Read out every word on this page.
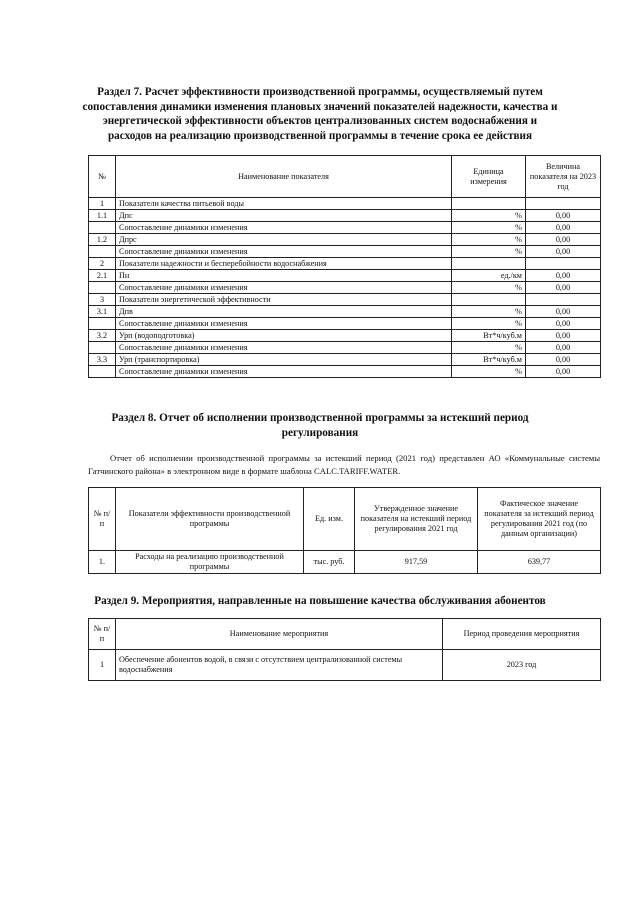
Раздел 7. Расчет эффективности производственной программы, осуществляемый путем сопоставления динамики изменения плановых значений показателей надежности, качества и энергетической эффективности объектов централизованных систем водоснабжения и расходов на реализацию производственной программы в течение срока ее действия
№	Наименование показателя	Единица измерения	Величина показателя на 2023 год
1	Показатели качества питьевой воды		
1.1	Дпс	%	0,00
	Сопоставление динамики изменения	%	0,00
1.2	Дпрс	%	0,00
	Сопоставление динамики изменения	%	0,00
2	Показатели надежности и бесперебойности водоснабжения		
2.1	Пн	ед./км	0,00
	Сопоставление динамики изменения	%	0,00
3	Показатели энергетической эффективности		
3.1	Дпв	%	0,00
	Сопоставление динамики изменения	%	0,00
3.2	Урп (водоподготовка)	Вт*ч/куб.м	0,00
	Сопоставление динамики изменения	%	0,00
3.3	Урп (транспортировка)	Вт*ч/куб.м	0,00
	Сопоставление динамики изменения	%	0,00
Раздел 8. Отчет об исполнении производственной программы за истекший период регулирования
Отчет об исполнении производственной программы за истекший период (2021 год) представлен АО «Коммунальные системы Гатчинского района» в электронном виде в формате шаблона CALC.TARIFF.WATER.
№ п/п	Показатели эффективности производственной программы	Ед. изм.	Утвержденное значение показателя на истекший период регулирования 2021 год	Фактическое значение показателя за истекший период регулирования 2021 год (по данным организации)
1.	Расходы на реализацию производственной программы	тыс. руб.	917,59	639,77
Раздел 9. Мероприятия, направленные на повышение качества обслуживания абонентов
№ п/п	Наименование мероприятия	Период проведения мероприятия
1	Обеспечение абонентов водой, в связи с отсутствием централизованной системы водоснабжения	2023 год
